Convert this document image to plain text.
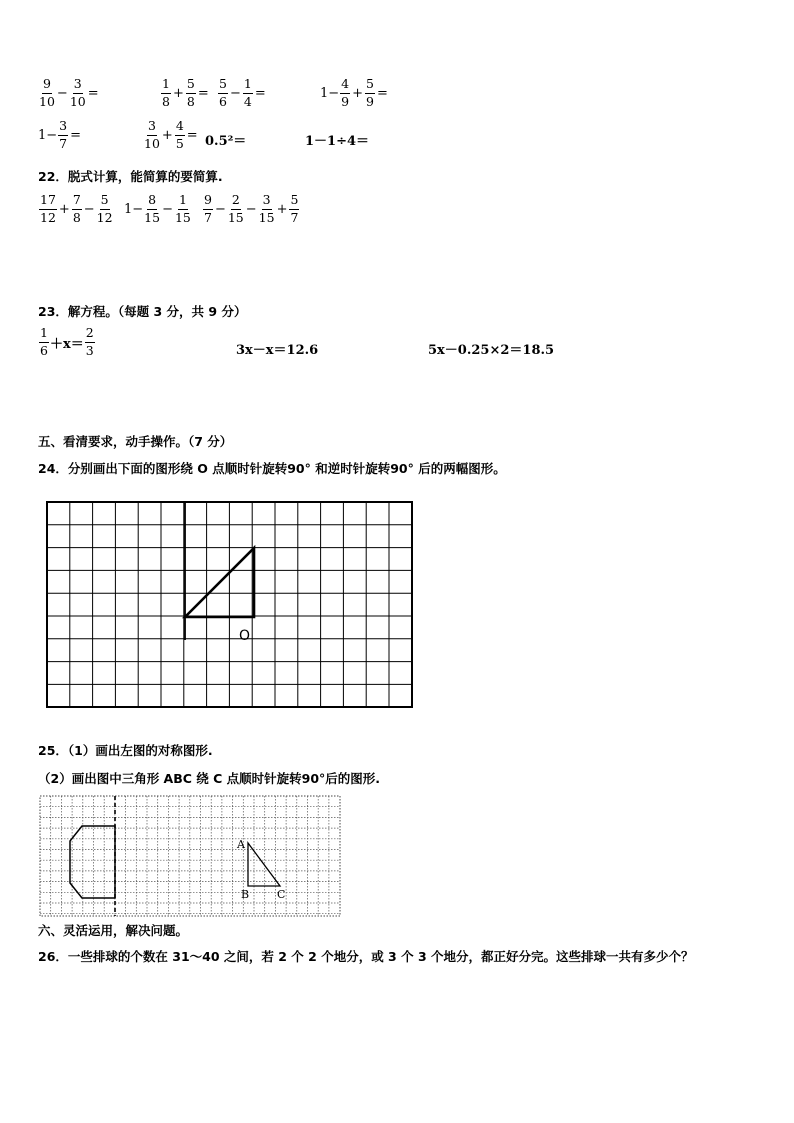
$\frac{9}{10} - \frac{3}{10}$ =	$\frac{1}{8} + \frac{5}{8} = \frac{5}{6} - \frac{1}{4}$ =	$1- \frac{4}{9} + \frac{5}{9}$ =
$1- \frac{3}{7}$ =	$\frac{3}{10} + \frac{4}{5} = 0.5^2=$	1－1÷4＝
22．脱式计算，能简算的要简算.
$\frac{17}{12} + \frac{7}{8} - \frac{5}{12} 1- \frac{8}{15} - \frac{1}{15} \frac{9}{7} - \frac{2}{15} - \frac{3}{15} + \frac{5}{7}$
23．解方程。（每题 3 分，共 9 分）
$\frac{1}{6} +x= \frac{2}{3}$	3x－x＝12.6	5x－0.25×2＝18.5
五、看清要求，动手操作。（7 分）
24．分别画出下面的图形绕 O 点顺时针旋转90° 和逆时针旋转90° 后的两幅图形。
O
25．（1）画出左图的对称图形.
（2）画出图中三角形 ABC 绕 C 点顺时针旋转90°后的图形.
A
B	C
六、灵活运用，解决问题。
26．一些排球的个数在 31～40 之间，若 2 个 2 个地分，或 3 个 3 个地分，都正好分完。这些排球一共有多少个？
